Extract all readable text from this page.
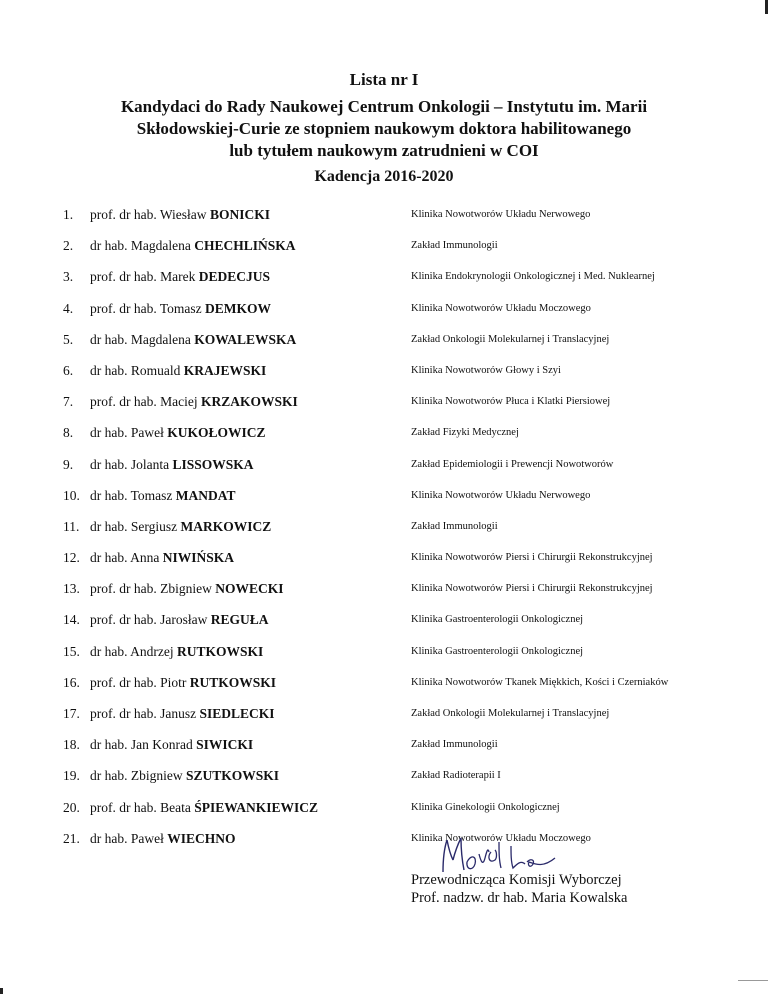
Lista nr I
Kandydaci do Rady Naukowej Centrum Onkologii – Instytutu im. Marii
Skłodowskiej-Curie ze stopniem naukowym doktora habilitowanego
lub tytułem naukowym zatrudnieni w COI
Kadencja 2016-2020
1. prof. dr hab. Wiesław BONICKI	Klinika Nowotworów Układu Nerwowego
2. dr hab. Magdalena CHECHLIŃSKA	Zakład Immunologii
3. prof. dr hab. Marek DEDECJUS	Klinika Endokrynologii Onkologicznej i Med. Nuklearnej
4. prof. dr hab. Tomasz DEMKOW	Klinika Nowotworów Układu Moczowego
5. dr hab. Magdalena KOWALEWSKA	Zakład Onkologii Molekularnej i Translacyjnej
6. dr hab. Romuald KRAJEWSKI	Klinika Nowotworów Głowy i Szyi
7. prof. dr hab. Maciej KRZAKOWSKI	Klinika Nowotworów Płuca i Klatki Piersiowej
8. dr hab. Paweł KUKOŁOWICZ	Zakład Fizyki Medycznej
9. dr hab. Jolanta LISSOWSKA	Zakład Epidemiologii i Prewencji Nowotworów
10. dr hab. Tomasz MANDAT	Klinika Nowotworów Układu Nerwowego
11. dr hab. Sergiusz MARKOWICZ	Zakład Immunologii
12. dr hab. Anna NIWIŃSKA	Klinika Nowotworów Piersi i Chirurgii Rekonstrukcyjnej
13. prof. dr hab. Zbigniew NOWECKI	Klinika Nowotworów Piersi i Chirurgii Rekonstrukcyjnej
14. prof. dr hab. Jarosław REGUŁA	Klinika Gastroenterologii Onkologicznej
15. dr hab. Andrzej RUTKOWSKI	Klinika Gastroenterologii Onkologicznej
16. prof. dr hab. Piotr RUTKOWSKI	Klinika Nowotworów Tkanek Miękkich, Kości i Czerniaków
17. prof. dr hab. Janusz SIEDLECKI	Zakład Onkologii Molekularnej i Translacyjnej
18. dr hab. Jan Konrad SIWICKI	Zakład Immunologii
19. dr hab. Zbigniew SZUTKOWSKI	Zakład Radioterapii I
20. prof. dr hab. Beata ŚPIEWANKIEWICZ	Klinika Ginekologii Onkologicznej
21. dr hab. Paweł WIECHNO	Klinika Nowotworów Układu Moczowego
Przewodnicząca Komisji Wyborczej
Prof. nadzw. dr hab. Maria Kowalska
